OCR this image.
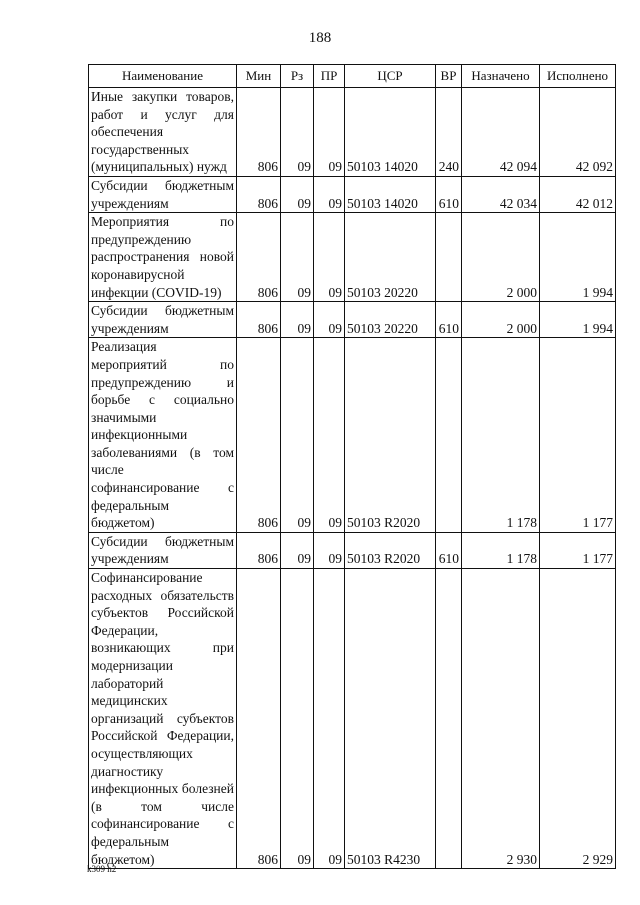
188
Наименование	Мин	Рз	ПР	ЦСР	ВР	Назначено	Исполнено
Иные закупки товаров, работ и услуг для обеспечения государственных (муниципальных) нужд	806	09	09	50103 14020	240	42 094	42 092
Субсидии бюджетным учреждениям	806	09	09	50103 14020	610	42 034	42 012
Мероприятия по предупреждению распространения новой коронавирусной инфекции (COVID-19)	806	09	09	50103 20220		2 000	1 994
Субсидии бюджетным учреждениям	806	09	09	50103 20220	610	2 000	1 994
Реализация мероприятий по предупреждению и борьбе с социально значимыми инфекционными заболеваниями (в том числе софинансирование с федеральным бюджетом)	806	09	09	50103 R2020		1 178	1 177
Субсидии бюджетным учреждениям	806	09	09	50103 R2020	610	1 178	1 177
Софинансирование расходных обязательств субъектов Российской Федерации, возникающих при модернизации лабораторий медицинских организаций субъектов Российской Федерации, осуществляющих диагностику инфекционных болезней (в том числе софинансирование с федеральным бюджетом)	806	09	09	50103 R4230		2 930	2 929
k309 h2
